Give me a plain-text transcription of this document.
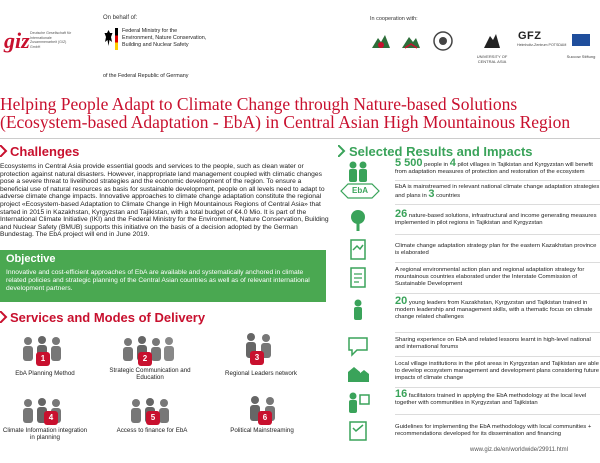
giz Deutsche Gesellschaft für Internationale Zusammenarbeit (GIZ) GmbH
On behalf of:
Federal Ministry for the
Environment, Nature Conservation,
Building and Nuclear Safety
of the Federal Republic of Germany
In cooperation with:
UNIVERSITY OF CENTRAL ASIA
GFZ
Helmholtz-Zentrum POTSDAM
Succow Stiftung
Helping People Adapt to Climate Change through Nature-based Solutions
(Ecosystem-based Adaptation - EbA) in Central Asian High Mountainous Region
Challenges
Ecosystems in Central Asia provide essential goods and services to the people, such as clean water or protection against natural disasters. However, inappropriate land management coupled with climatic changes pose a severe threat to livelihood strategies and the economic development of the region. To ensure a beneficial use of natural resources as basis for sustainable development, people on all levels need to adapt to adverse climate change impacts. Innovative approaches to climate change adaptation constitute the regional project «Ecosystem-based Adaptation to Climate Change in High Mountainous Regions of Central Asia» that started in 2015 in Kazakhstan, Kyrgyzstan and Tajikistan, with a total budget of €4.0 Mio. It is part of the International Climate Initiative (IKI) and the Federal Ministry for the Environment, Nature Conservation, Building and Nuclear Safety (BMUB) supports this initiative on the basis of a decision adopted by the German Bundestag. The EbA project will end in June 2019.
Objective
Innovative and cost-efficient approaches of EbA are available and systematically anchored in climate related policies and strategic planning of the Central Asian countries as well as of relevant international development partners.
Services and Modes of Delivery
1
EbA Planning Method
2
Strategic Communication and Education
3
Regional Leaders network
4
Climate Information integration in planning
5
Access to finance for EbA
6
Political Mainstreaming
Selected Results and Impacts
5 500 people in 4 pilot villages in Tajikistan and Kyrgyzstan will benefit from adaptation measures of protection and restoration of the ecosystem
EbA	EbA is mainstreamed in relevant national climate change adaptation strategies and plans in 3 countries
26 nature-based solutions, infrastructural and income generating measures implemented in pilot regions in Tajikistan and Kyrgyzstan
Climate change adaptation strategy plan for the eastern Kazakhstan province is elaborated
A regional environmental action plan and regional adaptation strategy for mountainous countries elaborated under the Interstate Commission of Sustainable Development
20 young leaders from Kazakhstan, Kyrgyzstan and Tajikistan trained in modern leadership and management skills, with a thematic focus on climate change related challenges
Sharing experience on EbA and related lessons learnt in high-level national and international forums
Local village institutions in the pilot areas in Kyrgyzstan and Tajikistan are able to develop ecosystem management and development plans considering future impacts of climate change
16 facilitators trained in applying the EbA methodology at the local level together with communities in Kyrgyzstan and Tajikistan
Guidelines for implementing the EbA methodology with local communities + recommendations developed for its dissemination and financing
www.giz.de/en/worldwide/29911.html
